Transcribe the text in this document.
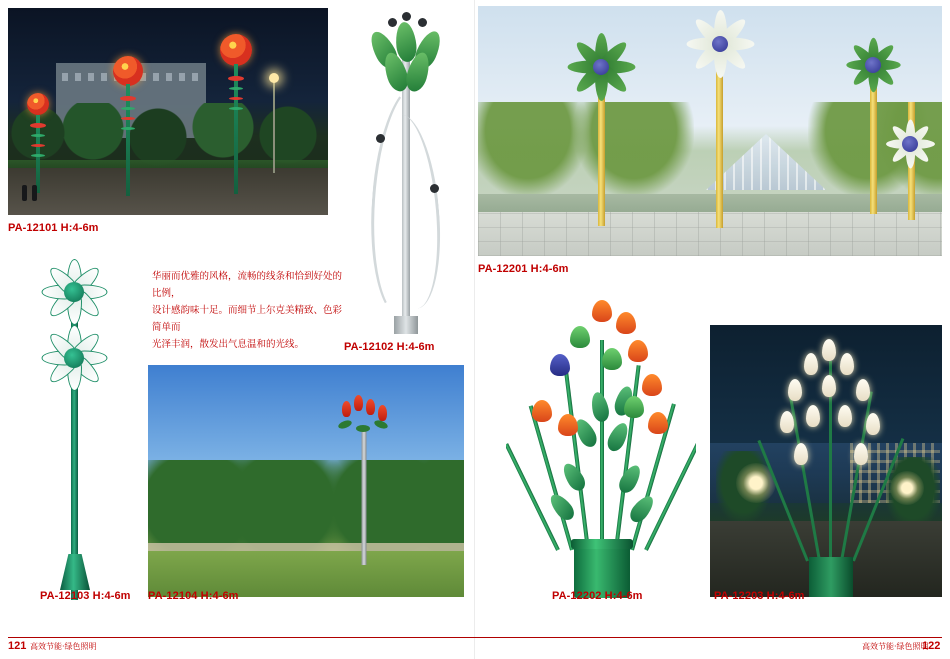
PA-12101 H:4-6m
华丽而优雅的风格，流畅的线条和恰到好处的比例，
设计感韵味十足。而细节上尔克美精致、色彩简单而
光泽丰润，散发出气息温和的光线。	PA-12102 H:4-6m
PA-12201 H:4-6m
PA-12103 H:4-6m PA-12104 H:4-6m	PA-12202 H:4-6m	PA-12203 H:4-6m
121 高效节能·绿色照明	122
高效节能·绿色照明
